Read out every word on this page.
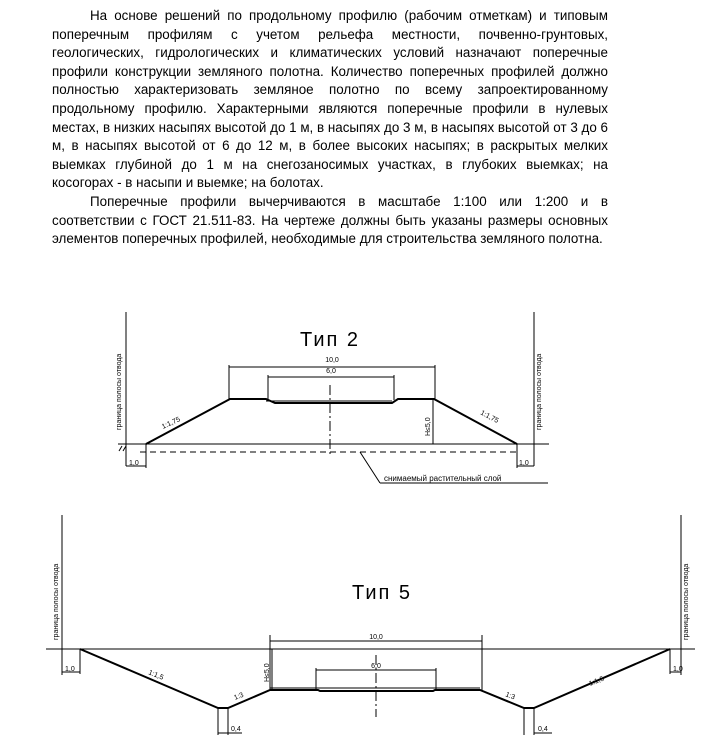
На основе решений по продольному профилю (рабочим отметкам) и типовым поперечным профилям с учетом рельефа местности, почвенно-грунтовых, геологических, гидрологических и климатических условий назначают поперечные профили конструкции земляного полотна. Количество поперечных профилей должно полностью характеризовать земляное полотно по всему запроектированному продольному профилю. Характерными являются поперечные профили в нулевых местах, в низких насыпях высотой до 1 м, в насыпях до 3 м, в насыпях высотой от 3 до 6 м, в насыпях высотой от 6 до 12 м, в более высоких насыпях; в раскрытых мелких выемках глубиной до 1 м на снегозаносимых участках, в глубоких выемках; на косогорах - в насыпи и выемке; на болотах.

Поперечные профили вычерчиваются в масштабе 1:100 или 1:200 и в соответствии с ГОСТ 21.511-83. На чертеже должны быть указаны размеры основных элементов поперечных профилей, необходимые для строительства земляного полотна.

Тип 2
граница полосы отвода	граница полосы отвода
10,0
6,0
H≤5,0
1:1,75	1:1,75
1,0	1,0
снимаемый растительный слой
Тип 5
граница полосы отвода	граница полосы отвода
10,0
6,0
H≤5,0
1:1,5
1:3	1:3
1:1,5
1,0	1,0
0,4	0,4
